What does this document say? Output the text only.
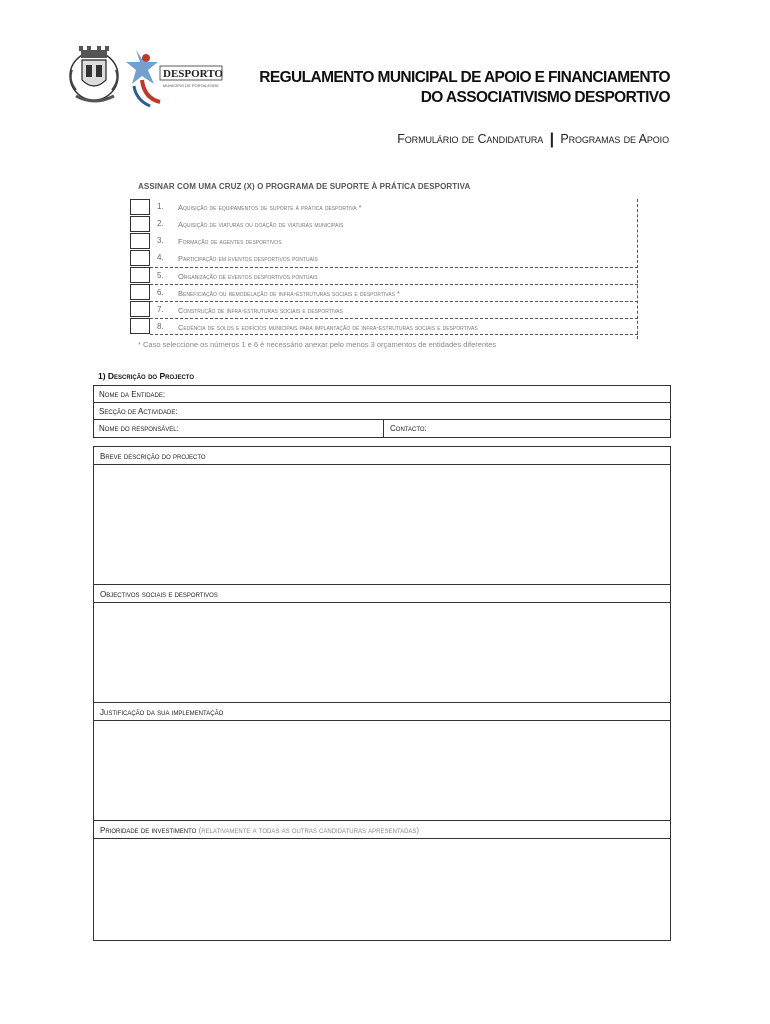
DESPORTO
MUNICÍPIO DE PORTALEGRE	REGULAMENTO MUNICIPAL DE APOIO E FINANCIAMENTO
DO ASSOCIATIVISMO DESPORTIVO
Formulário de Candidatura | Programas de Apoio
ASSINAR COM UMA CRUZ (X) O PROGRAMA DE SUPORTE À PRÁTICA DESPORTIVA
1. Aquisição de equipamentos de suporte à prática desportiva *
2. Aquisição de viaturas ou doação de viaturas municipais
3. Formação de agentes desportivos
4. Participação em eventos desportivos pontuais
5. Organização de eventos desportivos pontuais
6. Beneficiação ou remodelação de infra-estruturas sociais e desportivas *
7. Construção de infra-estruturas sociais e desportivas
8. Cedência de solos e edifícios municipais para implantação de infra-estruturas sociais e desportivas
* Caso seleccione os números 1 e 6 é necessário anexar pelo menos 3 orçamentos de entidades diferentes
1) Descrição do Projecto
Nome da Entidade:
Secção de Actividade:
Nome do responsável:	Contacto:
Breve descrição do projecto
Objectivos sociais e desportivos
Justificação da sua implementação
Prioridade de investimento (relativamente a todas as outras candidaturas apresentadas)
